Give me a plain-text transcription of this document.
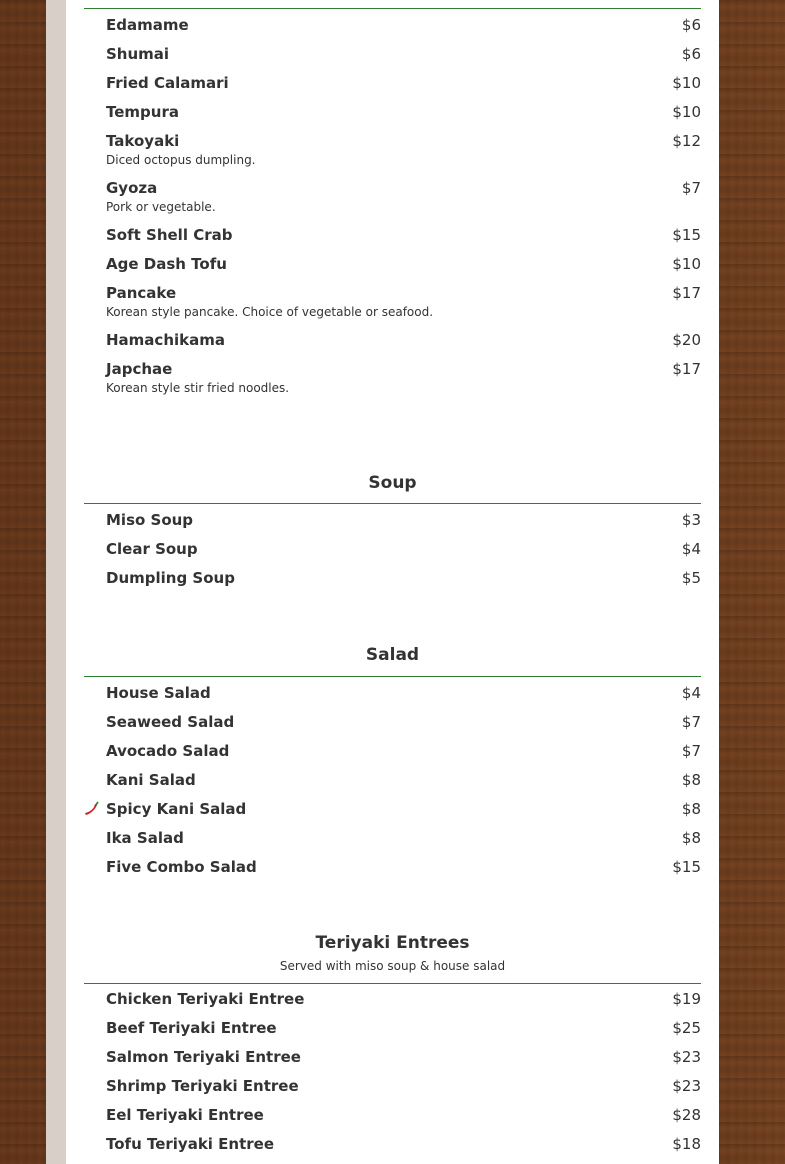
Edamame	$6
Shumai	$6
Fried Calamari	$10
Tempura	$10
Takoyaki	$12
Diced octopus dumpling.
Gyoza	$7
Pork or vegetable.
Soft Shell Crab	$15
Age Dash Tofu	$10
Pancake	$17
Korean style pancake. Choice of vegetable or seafood.
Hamachikama	$20
Japchae	$17
Korean style stir fried noodles.
Soup
Miso Soup	$3
Clear Soup	$4
Dumpling Soup	$5
Salad
House Salad	$4
Seaweed Salad	$7
Avocado Salad	$7
Kani Salad	$8
Spicy Kani Salad	$8
Ika Salad	$8
Five Combo Salad	$15
Teriyaki Entrees
Served with miso soup & house salad
Chicken Teriyaki Entree	$19
Beef Teriyaki Entree	$25
Salmon Teriyaki Entree	$23
Shrimp Teriyaki Entree	$23
Eel Teriyaki Entree	$28
Tofu Teriyaki Entree	$18
